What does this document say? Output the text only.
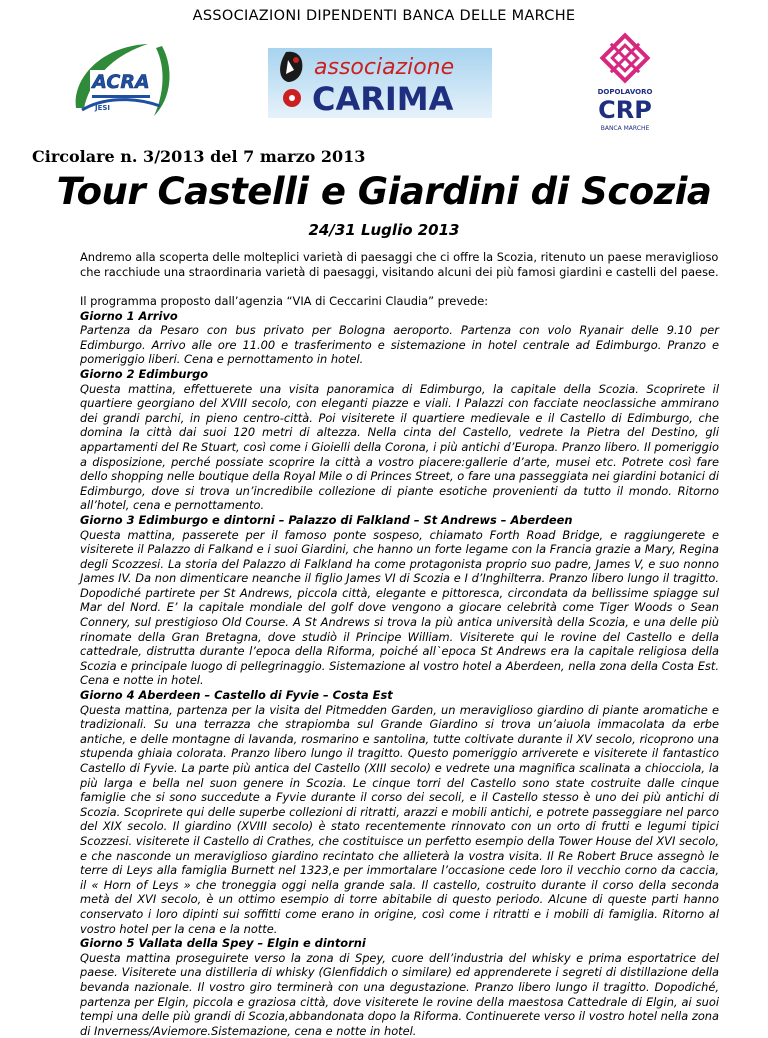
ASSOCIAZIONI DIPENDENTI BANCA DELLE MARCHE
ACRA
JESI
associazione
CARIMA	DOPOLAVORO
CRP
BANCA MARCHE
Circolare n. 3/2013 del 7 marzo 2013
Tour Castelli e Giardini di Scozia
24/31 Luglio 2013
Andremo alla scoperta delle molteplici varietà di paesaggi che ci offre la Scozia, ritenuto un paese meraviglioso che racchiude una straordinaria varietà di paesaggi, visitando alcuni dei più famosi giardini e castelli del paese.

Il programma proposto dall’agenzia “VIA di Ceccarini Claudia” prevede:

Giorno 1 Arrivo

Partenza da Pesaro con bus privato per Bologna aeroporto. Partenza con volo Ryanair delle 9.10 per Edimburgo. Arrivo alle ore 11.00 e trasferimento e sistemazione in hotel centrale ad Edimburgo. Pranzo e pomeriggio liberi. Cena e pernottamento in hotel.

Giorno 2 Edimburgo

Questa mattina, effettuerete una visita panoramica di Edimburgo, la capitale della Scozia. Scoprirete il quartiere georgiano del XVIII secolo, con eleganti piazze e viali. I Palazzi con facciate neoclassiche ammirano dei grandi parchi, in pieno centro-città. Poi visiterete il quartiere medievale e il Castello di Edimburgo, che domina la città dai suoi 120 metri di altezza. Nella cinta del Castello, vedrete la Pietra del Destino, gli appartamenti del Re Stuart, così come i Gioielli della Corona, i più antichi d’Europa. Pranzo libero. Il pomeriggio a disposizione, perché possiate scoprire la città a vostro piacere:gallerie d’arte, musei etc. Potrete così fare dello shopping nelle boutique della Royal Mile o di Princes Street, o fare una passeggiata nei giardini botanici di Edimburgo, dove si trova un’incredibile collezione di piante esotiche provenienti da tutto il mondo. Ritorno all’hotel, cena e pernottamento.

Giorno 3 Edimburgo e dintorni – Palazzo di Falkland – St Andrews – Aberdeen

Questa mattina, passerete per il famoso ponte sospeso, chiamato Forth Road Bridge, e raggiungerete e visiterete il Palazzo di Falkand e i suoi Giardini, che hanno un forte legame con la Francia grazie a Mary, Regina degli Scozzesi. La storia del Palazzo di Falkland ha come protagonista proprio suo padre, James V, e suo nonno James IV. Da non dimenticare neanche il figlio James VI di Scozia e I d’Inghilterra. Pranzo libero lungo il tragitto. Dopodiché partirete per St Andrews, piccola città, elegante e pittoresca, circondata da bellissime spiagge sul Mar del Nord. E’ la capitale mondiale del golf dove vengono a giocare celebrità come Tiger Woods o Sean Connery, sul prestigioso Old Course. A St Andrews si trova la più antica università della Scozia, e una delle più rinomate della Gran Bretagna, dove studiò il Principe William. Visiterete qui le rovine del Castello e della cattedrale, distrutta durante l’epoca della Riforma, poiché all`epoca St Andrews era la capitale religiosa della Scozia e principale luogo di pellegrinaggio. Sistemazione al vostro hotel a Aberdeen, nella zona della Costa Est. Cena e notte in hotel.

Giorno 4 Aberdeen – Castello di Fyvie – Costa Est

Questa mattina, partenza per la visita del Pitmedden Garden, un meraviglioso giardino di piante aromatiche e tradizionali. Su una terrazza che strapiomba sul Grande Giardino si trova un’aiuola immacolata da erbe antiche, e delle montagne di lavanda, rosmarino e santolina, tutte coltivate durante il XV secolo, ricoprono una stupenda ghiaia colorata. Pranzo libero lungo il tragitto. Questo pomeriggio arriverete e visiterete il fantastico Castello di Fyvie. La parte più antica del Castello (XIII secolo) e vedrete una magnifica scalinata a chiocciola, la più larga e bella nel suon genere in Scozia. Le cinque torri del Castello sono state costruite dalle cinque famiglie che si sono succedute a Fyvie durante il corso dei secoli, e il Castello stesso è uno dei più antichi di Scozia. Scoprirete qui delle superbe collezioni di ritratti, arazzi e mobili antichi, e potrete passeggiare nel parco del XIX secolo. Il giardino (XVIII secolo) è stato recentemente rinnovato con un orto di frutti e legumi tipici Scozzesi. visiterete il Castello di Crathes, che costituisce un perfetto esempio della Tower House del XVI secolo, e che nasconde un meraviglioso giardino recintato che allieterà la vostra visita. Il Re Robert Bruce assegnò le terre di Leys alla famiglia Burnett nel 1323,e per immortalare l’occasione cede loro il vecchio corno da caccia, il « Horn of Leys » che troneggia oggi nella grande sala. Il castello, costruito durante il corso della seconda metà del XVI secolo, è un ottimo esempio di torre abitabile di questo periodo. Alcune di queste parti hanno conservato i loro dipinti sui soffitti come erano in origine, così come i ritratti e i mobili di famiglia. Ritorno al vostro hotel per la cena e la notte.

Giorno 5 Vallata della Spey – Elgin e dintorni

Questa mattina proseguirete verso la zona di Spey, cuore dell’industria del whisky e prima esportatrice del paese. Visiterete una distilleria di whisky (Glenfiddich o similare) ed apprenderete i segreti di distillazione della bevanda nazionale. Il vostro giro terminerà con una degustazione. Pranzo libero lungo il tragitto. Dopodiché, partenza per Elgin, piccola e graziosa città, dove visiterete le rovine della maestosa Cattedrale di Elgin, ai suoi tempi una delle più grandi di Scozia,abbandonata dopo la Riforma. Continuerete verso il vostro hotel nella zona di Inverness/Aviemore.Sistemazione, cena e notte in hotel.
